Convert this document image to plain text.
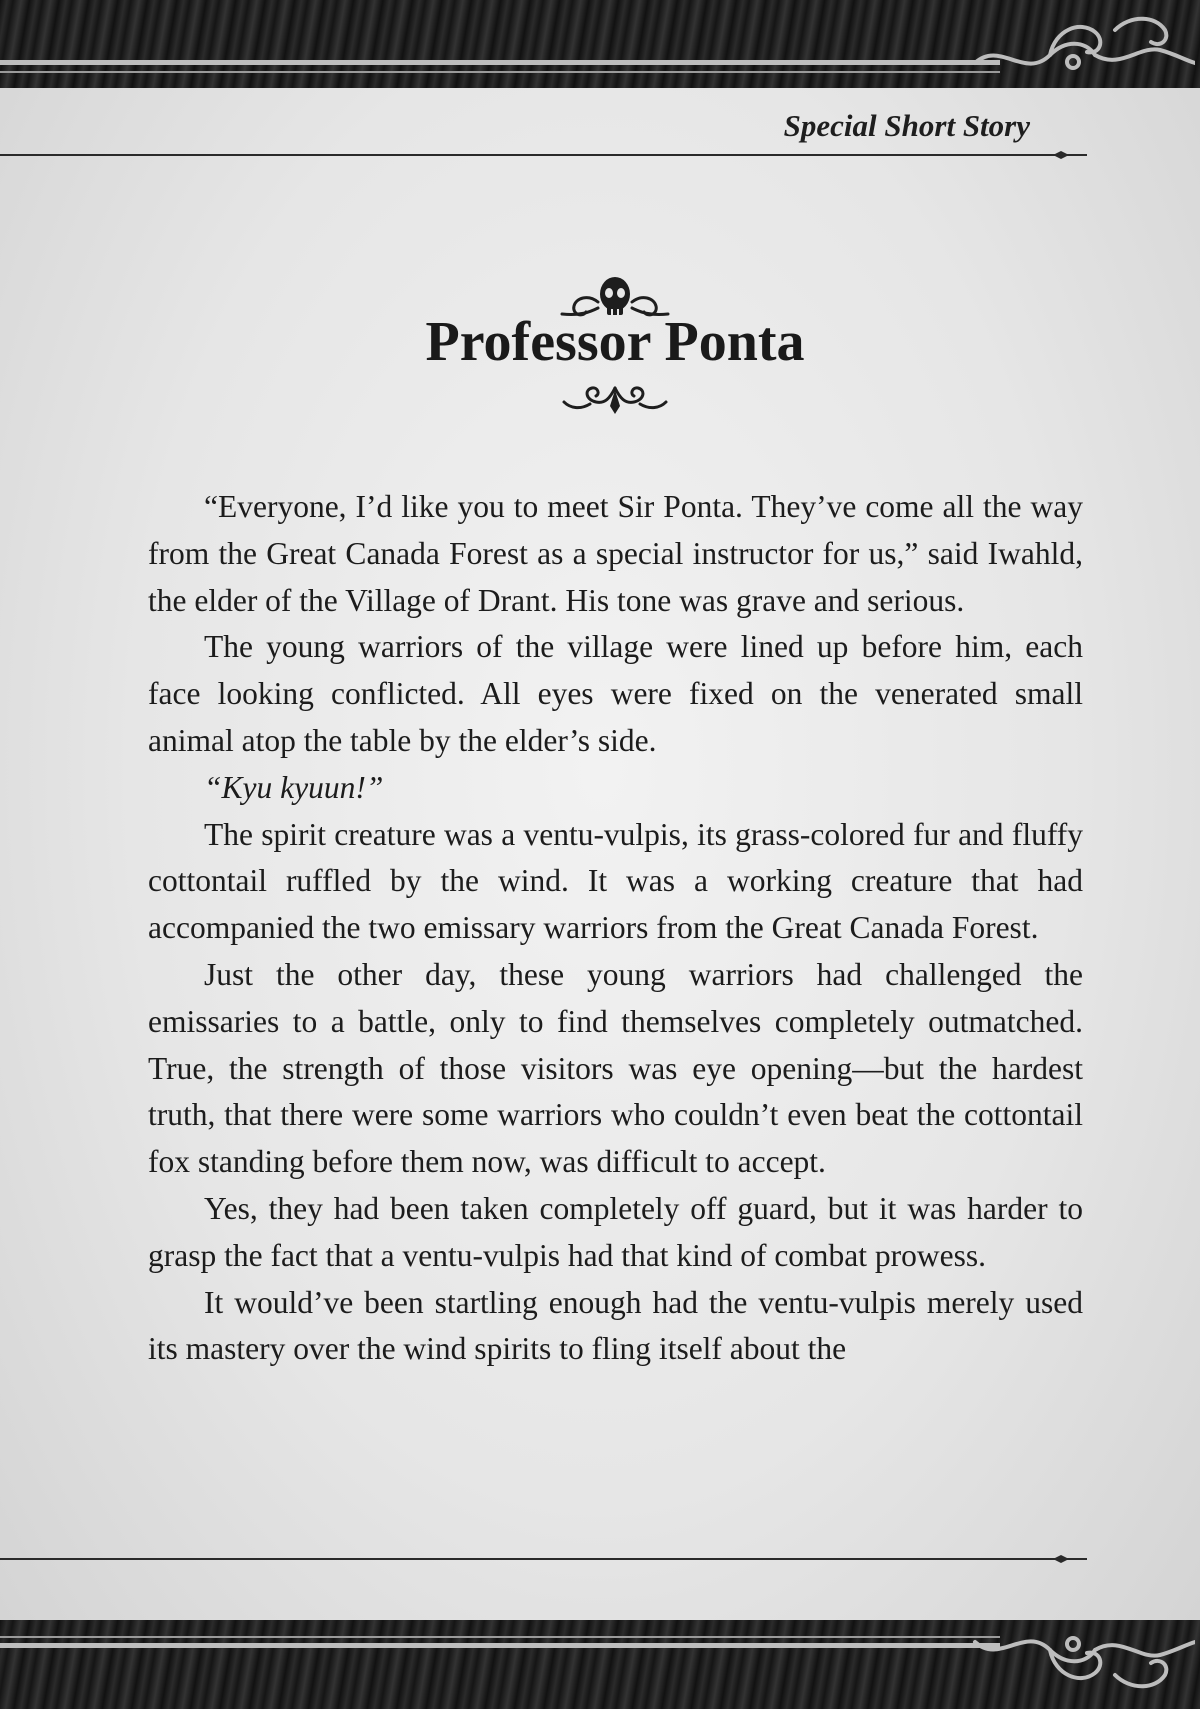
Special Short Story
Professor Ponta

“Everyone, I’d like you to meet Sir Ponta. They’ve come all the way from the Great Canada Forest as a special instructor for us,” said Iwahld, the elder of the Village of Drant. His tone was grave and serious.

The young warriors of the village were lined up before him, each face looking conflicted. All eyes were fixed on the venerated small animal atop the table by the elder’s side.

“Kyu kyuun!”

The spirit creature was a ventu-vulpis, its grass-colored fur and fluffy cottontail ruffled by the wind. It was a working creature that had accompanied the two emissary warriors from the Great Canada Forest.

Just the other day, these young warriors had challenged the emissaries to a battle, only to find themselves completely outmatched. True, the strength of those visitors was eye opening—but the hardest truth, that there were some warriors who couldn’t even beat the cottontail fox standing before them now, was difficult to accept.

Yes, they had been taken completely off guard, but it was harder to grasp the fact that a ventu-vulpis had that kind of combat prowess.

It would’ve been startling enough had the ventu-vulpis merely used its mastery over the wind spirits to fling itself about the
